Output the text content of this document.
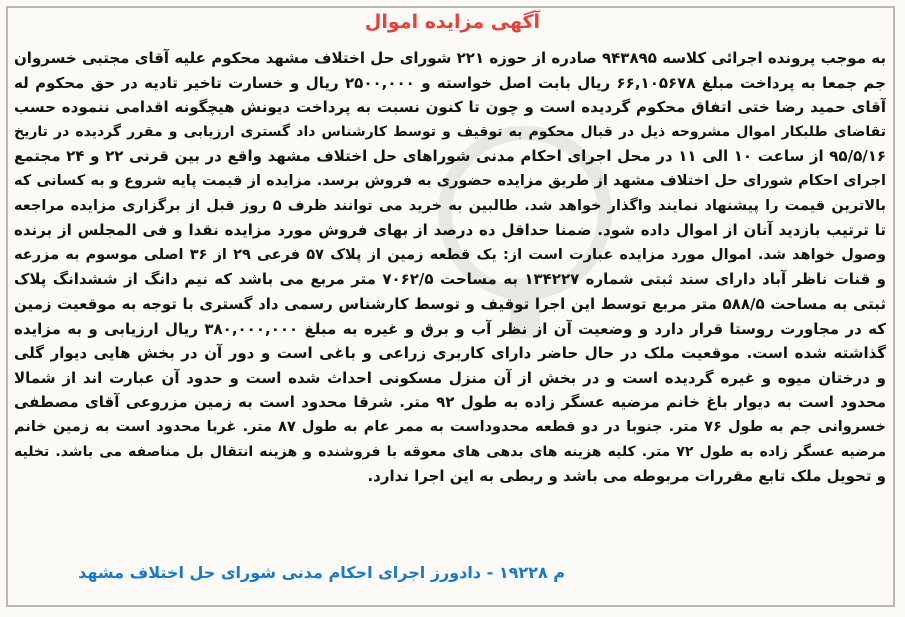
آگهی مزایده اموال
به موجب پرونده اجرائی کلاسه ۹۴۳۸۹۵ صادره از حوزه ۲۲۱ شورای حل اختلاف مشهد محکوم علیه آقای مجتبی خسروان
جم جمعا به پرداخت مبلغ ۶۶,۱۰۵۶۷۸ ریال بابت اصل خواسته و ۲۵۰۰,۰۰۰ ریال و خسارت تاخیر تادیه در حق محکوم له
آقای حمید رضا ختی اتفاق محکوم گردیده است و چون تا کنون نسبت به پرداخت دیونش هیچگونه اقدامی ننموده حسب
تقاضای طلبکار اموال مشروحه ذیل در قبال محکوم به توقیف و توسط کارشناس داد گستری ارزیابی و مقرر گردیده در تاریخ
۹۵/۵/۱۶ از ساعت ۱۰ الی ۱۱ در محل اجرای احکام مدنی شوراهای حل اختلاف مشهد واقع در بین قرنی ۲۲ و ۲۴ مجتمع
اجرای احکام شورای حل اختلاف مشهد از طریق مزایده حضوری به فروش برسد. مزایده از قیمت پایه شروع و به کسانی که
بالاترین قیمت را پیشنهاد نمایند واگذار خواهد شد. طالبین به خرید می توانند ظرف ۵ روز قبل از برگزاری مزایده مراجعه
تا ترتیب بازدید آنان از اموال داده شود. ضمنا حداقل ده درصد از بهای فروش مورد مزایده نقدا و فی المجلس از برنده
وصول خواهد شد. اموال مورد مزایده عبارت است از: یک قطعه زمین از پلاک ۵۷ فرعی ۲۹ از ۳۶ اصلی موسوم به مزرعه
و قنات ناظر آباد دارای سند ثبتی شماره ۱۳۴۲۲۷ به مساحت ۷۰۶۲/۵ متر مربع می باشد که نیم دانگ از ششدانگ پلاک
ثبتی به مساحت ۵۸۸/۵ متر مربع توسط این اجرا توقیف و توسط کارشناس رسمی داد گستری با توجه به موقعیت زمین
که در مجاورت روستا قرار دارد و وضعیت آن از نظر آب و برق و غیره به مبلغ ۳۸۰,۰۰۰,۰۰۰ ریال ارزیابی و به مزایده
گذاشته شده است. موقعیت ملک در حال حاضر دارای کاربری زراعی و باغی است و دور آن در بخش هایی دیوار گلی
و درختان میوه و غیره گردیده است و در بخش از آن منزل مسکونی احداث شده است و حدود آن عبارت اند از شمالا
محدود است به دیوار باغ خانم مرضیه عسگر زاده به طول ۹۲ متر. شرقا محدود است به زمین مزروعی آقای مصطفی
خسروانی جم به طول ۷۶ متر. جنوبا در دو قطعه محدوداست به ممر عام به طول ۸۷ متر. غربا محدود است به زمین خانم
مرضیه عسگر زاده به طول ۷۲ متر. کلیه هزینه های بدهی های معوقه با فروشنده و هزینه انتقال بل مناصفه می باشد. تخلیه
و تحویل ملک تابع مقررات مربوطه می باشد و ربطی به این اجرا ندارد.
م ۱۹۲۲۸ - دادورز اجرای احکام مدنی شورای حل اختلاف مشهد
